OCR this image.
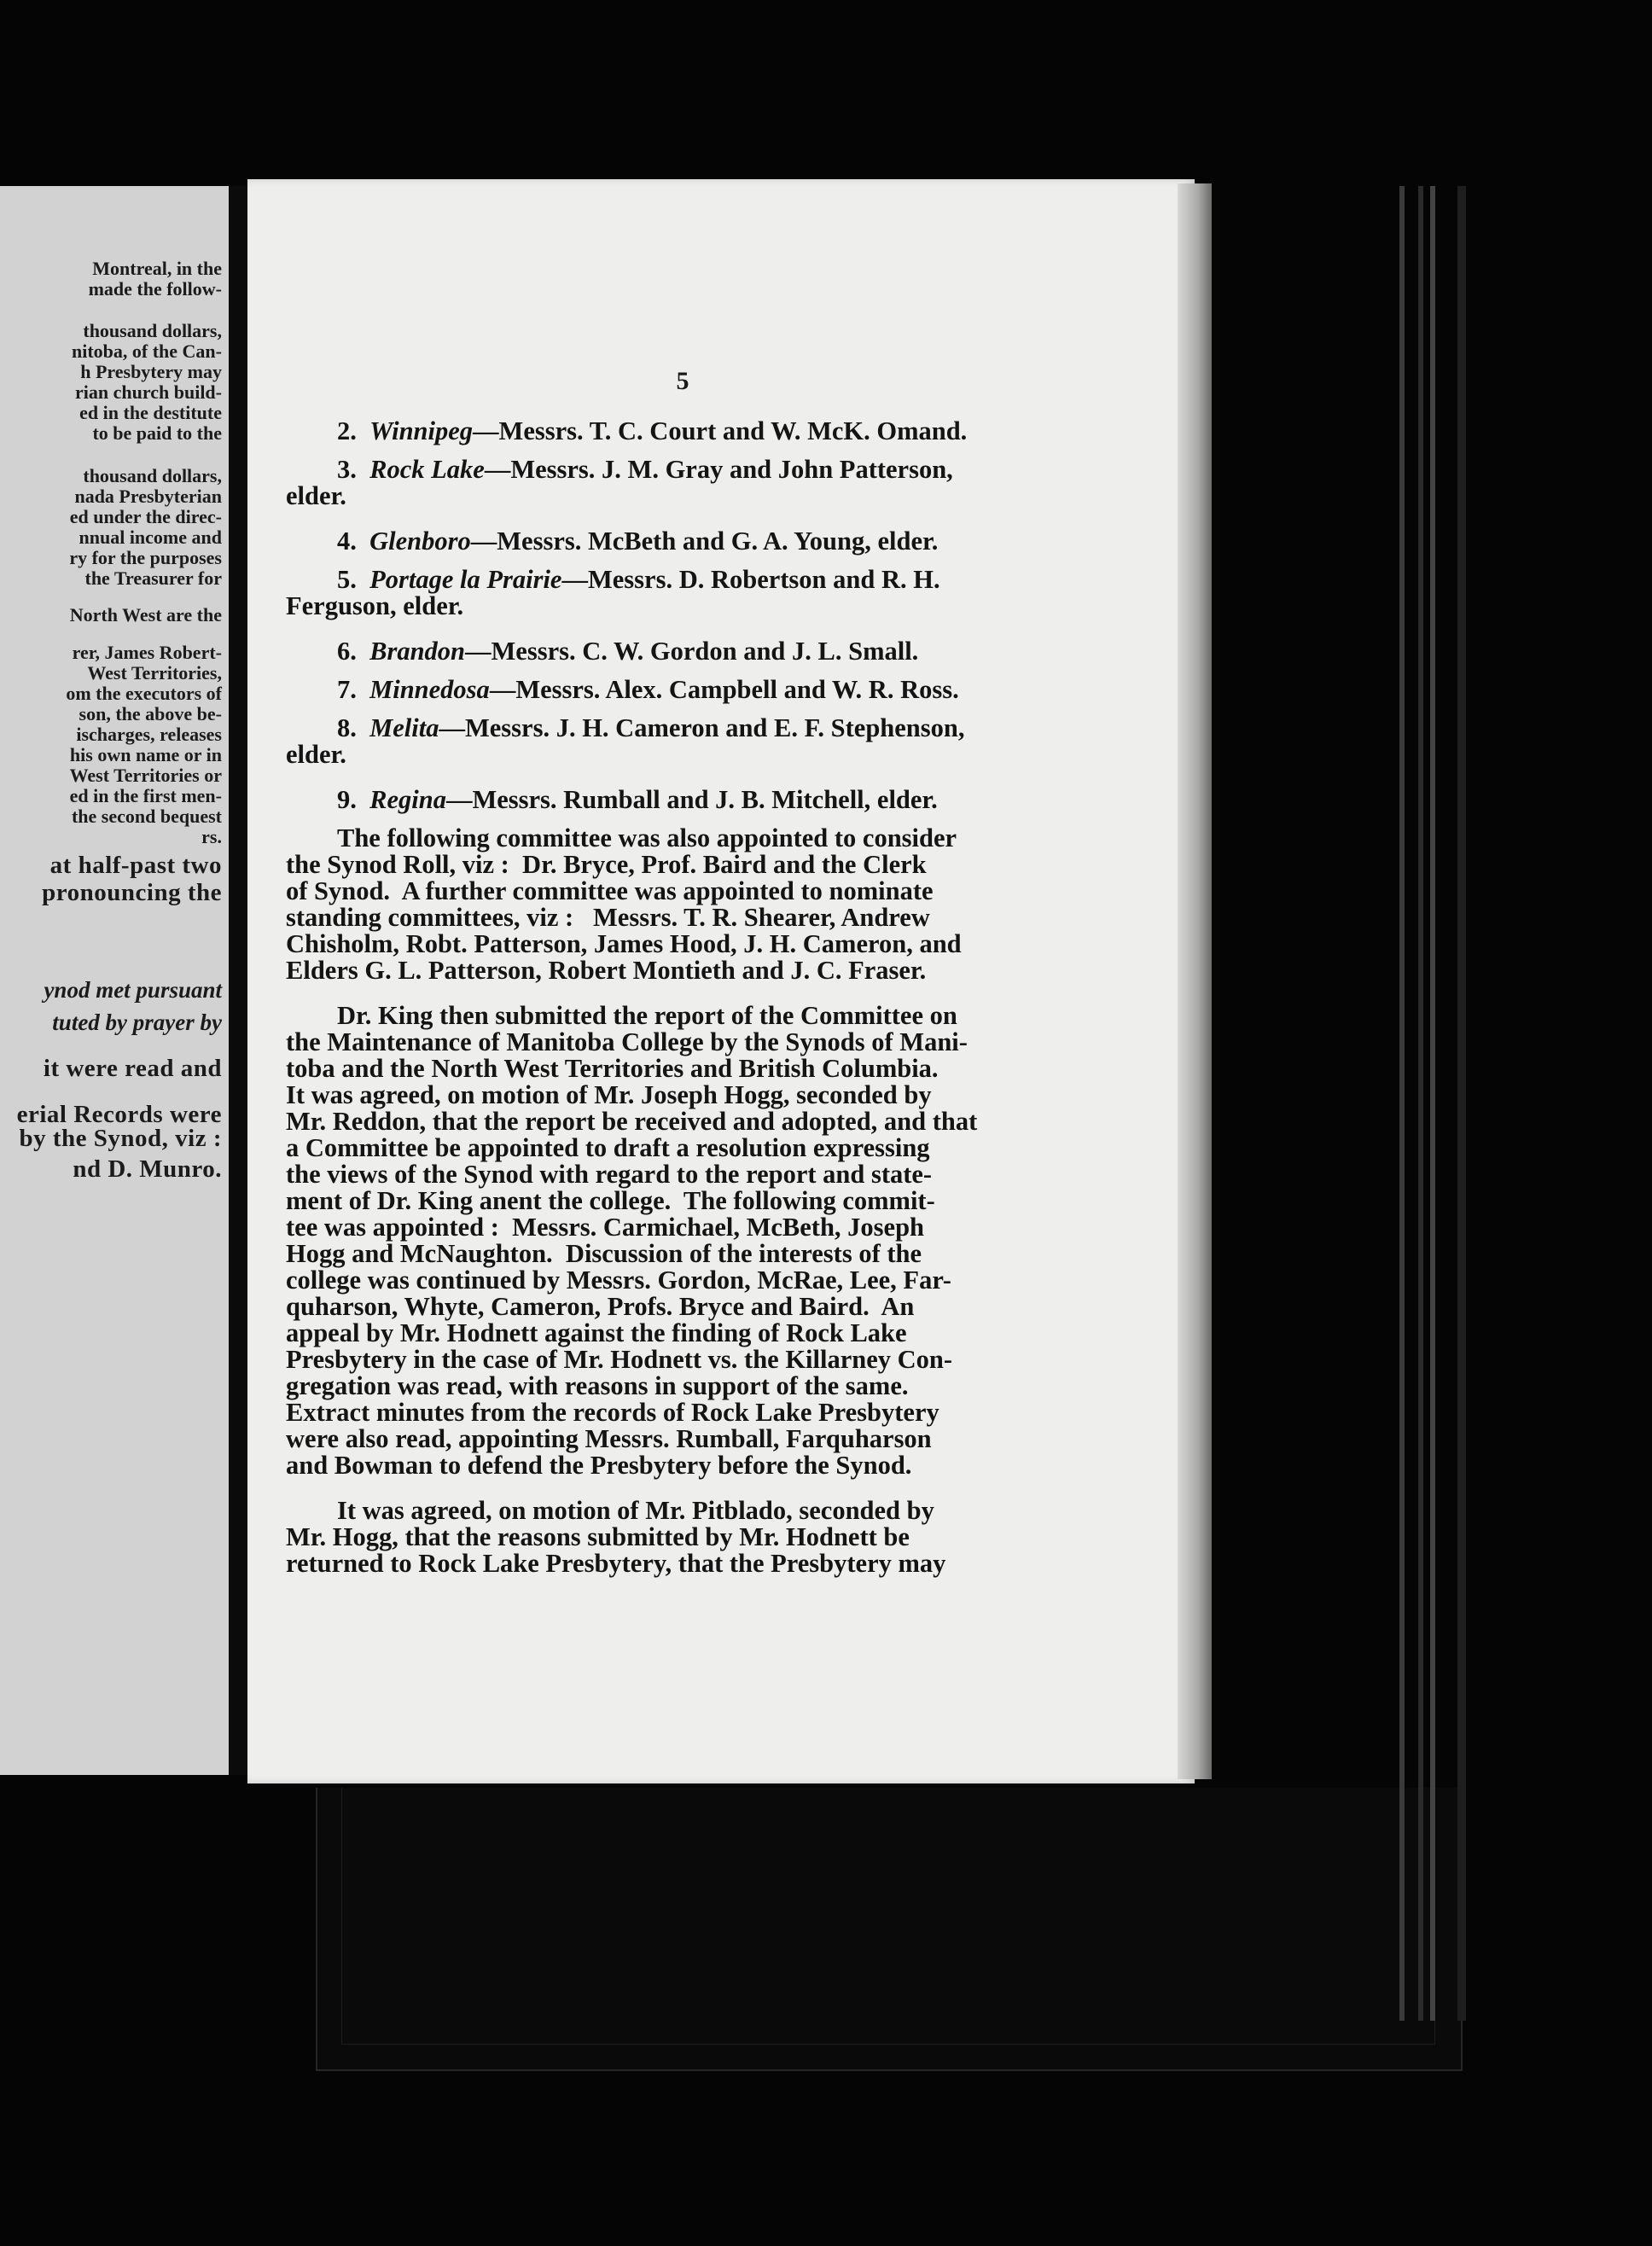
Montreal, in the
made the follow-
thousand dollars,
nitoba, of the Can-
h Presbytery may
rian church build-
ed in the destitute
to be paid to the
thousand dollars,
nada Presbyterian
ed under the direc-
nnual income and
ry for the purposes
the Treasurer for
North West are the
rer, James Robert-
West Territories,
om the executors of
son, the above be-
ischarges, releases
his own name or in
West Territories or
ed in the first men-
the second bequest
rs.
at half-past two
pronouncing the
ynod met pursuant
tuted by prayer by
it were read and
erial Records were
by the Synod, viz :
nd D. Munro.
5
2. Winnipeg—Messrs. T. C. Court and W. McK. Omand.
3. Rock Lake—Messrs. J. M. Gray and John Patterson,
elder.
4. Glenboro—Messrs. McBeth and G. A. Young, elder.
5. Portage la Prairie—Messrs. D. Robertson and R. H.
Ferguson, elder.
6. Brandon—Messrs. C. W. Gordon and J. L. Small.
7. Minnedosa—Messrs. Alex. Campbell and W. R. Ross.
8. Melita—Messrs. J. H. Cameron and E. F. Stephenson,
elder.
9. Regina—Messrs. Rumball and J. B. Mitchell, elder.
The following committee was also appointed to consider
the Synod Roll, viz :  Dr. Bryce, Prof. Baird and the Clerk
of Synod.  A further committee was appointed to nominate
standing committees, viz :   Messrs. T. R. Shearer, Andrew
Chisholm, Robt. Patterson, James Hood, J. H. Cameron, and
Elders G. L. Patterson, Robert Montieth and J. C. Fraser.
Dr. King then submitted the report of the Committee on
the Maintenance of Manitoba College by the Synods of Mani-
toba and the North West Territories and British Columbia.
It was agreed, on motion of Mr. Joseph Hogg, seconded by
Mr. Reddon, that the report be received and adopted, and that
a Committee be appointed to draft a resolution expressing
the views of the Synod with regard to the report and state-
ment of Dr. King anent the college.  The following commit-
tee was appointed :  Messrs. Carmichael, McBeth, Joseph
Hogg and McNaughton.  Discussion of the interests of the
college was continued by Messrs. Gordon, McRae, Lee, Far-
quharson, Whyte, Cameron, Profs. Bryce and Baird.  An
appeal by Mr. Hodnett against the finding of Rock Lake
Presbytery in the case of Mr. Hodnett vs. the Killarney Con-
gregation was read, with reasons in support of the same.
Extract minutes from the records of Rock Lake Presbytery
were also read, appointing Messrs. Rumball, Farquharson
and Bowman to defend the Presbytery before the Synod.
It was agreed, on motion of Mr. Pitblado, seconded by
Mr. Hogg, that the reasons submitted by Mr. Hodnett be
returned to Rock Lake Presbytery, that the Presbytery may
